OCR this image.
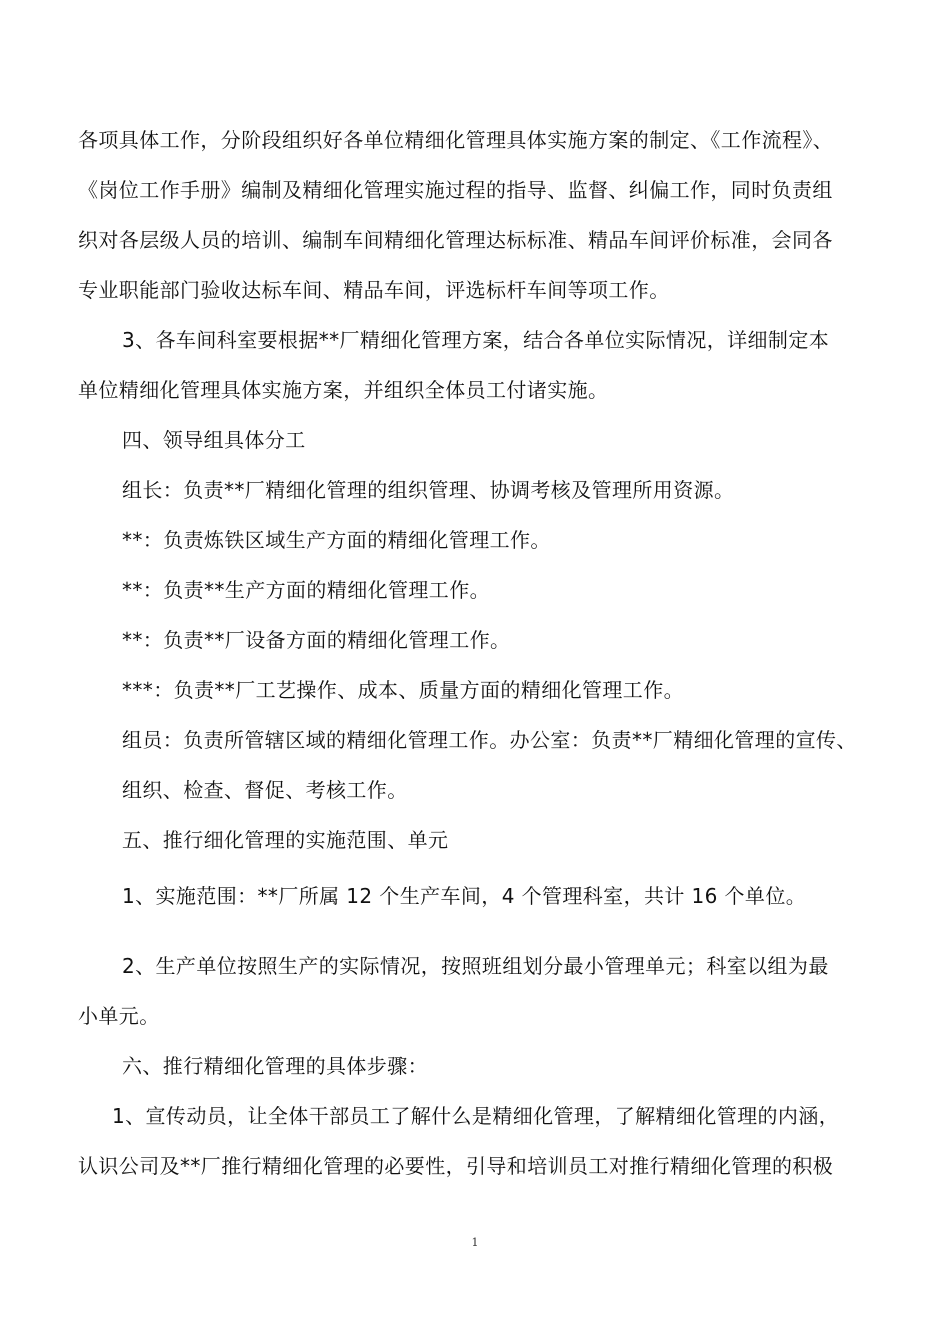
各项具体工作，分阶段组织好各单位精细化管理具体实施方案的制定、《工作流程》、
《岗位工作手册》编制及精细化管理实施过程的指导、监督、纠偏工作，同时负责组
织对各层级人员的培训、编制车间精细化管理达标标准、精品车间评价标准，会同各
专业职能部门验收达标车间、精品车间，评选标杆车间等项工作。
3、各车间科室要根据**厂精细化管理方案，结合各单位实际情况，详细制定本
单位精细化管理具体实施方案，并组织全体员工付诸实施。
四、领导组具体分工
组长：负责**厂精细化管理的组织管理、协调考核及管理所用资源。
**：负责炼铁区域生产方面的精细化管理工作。
**：负责**生产方面的精细化管理工作。
**：负责**厂设备方面的精细化管理工作。
***：负责**厂工艺操作、成本、质量方面的精细化管理工作。
组员：负责所管辖区域的精细化管理工作。办公室：负责**厂精细化管理的宣传、
组织、检查、督促、考核工作。
五、推行细化管理的实施范围、单元
1、实施范围：**厂所属 12 个生产车间，4 个管理科室，共计 16 个单位。
2、生产单位按照生产的实际情况，按照班组划分最小管理单元；科室以组为最
小单元。
六、推行精细化管理的具体步骤：
1、宣传动员，让全体干部员工了解什么是精细化管理，了解精细化管理的内涵，
认识公司及**厂推行精细化管理的必要性，引导和培训员工对推行精细化管理的积极
1
